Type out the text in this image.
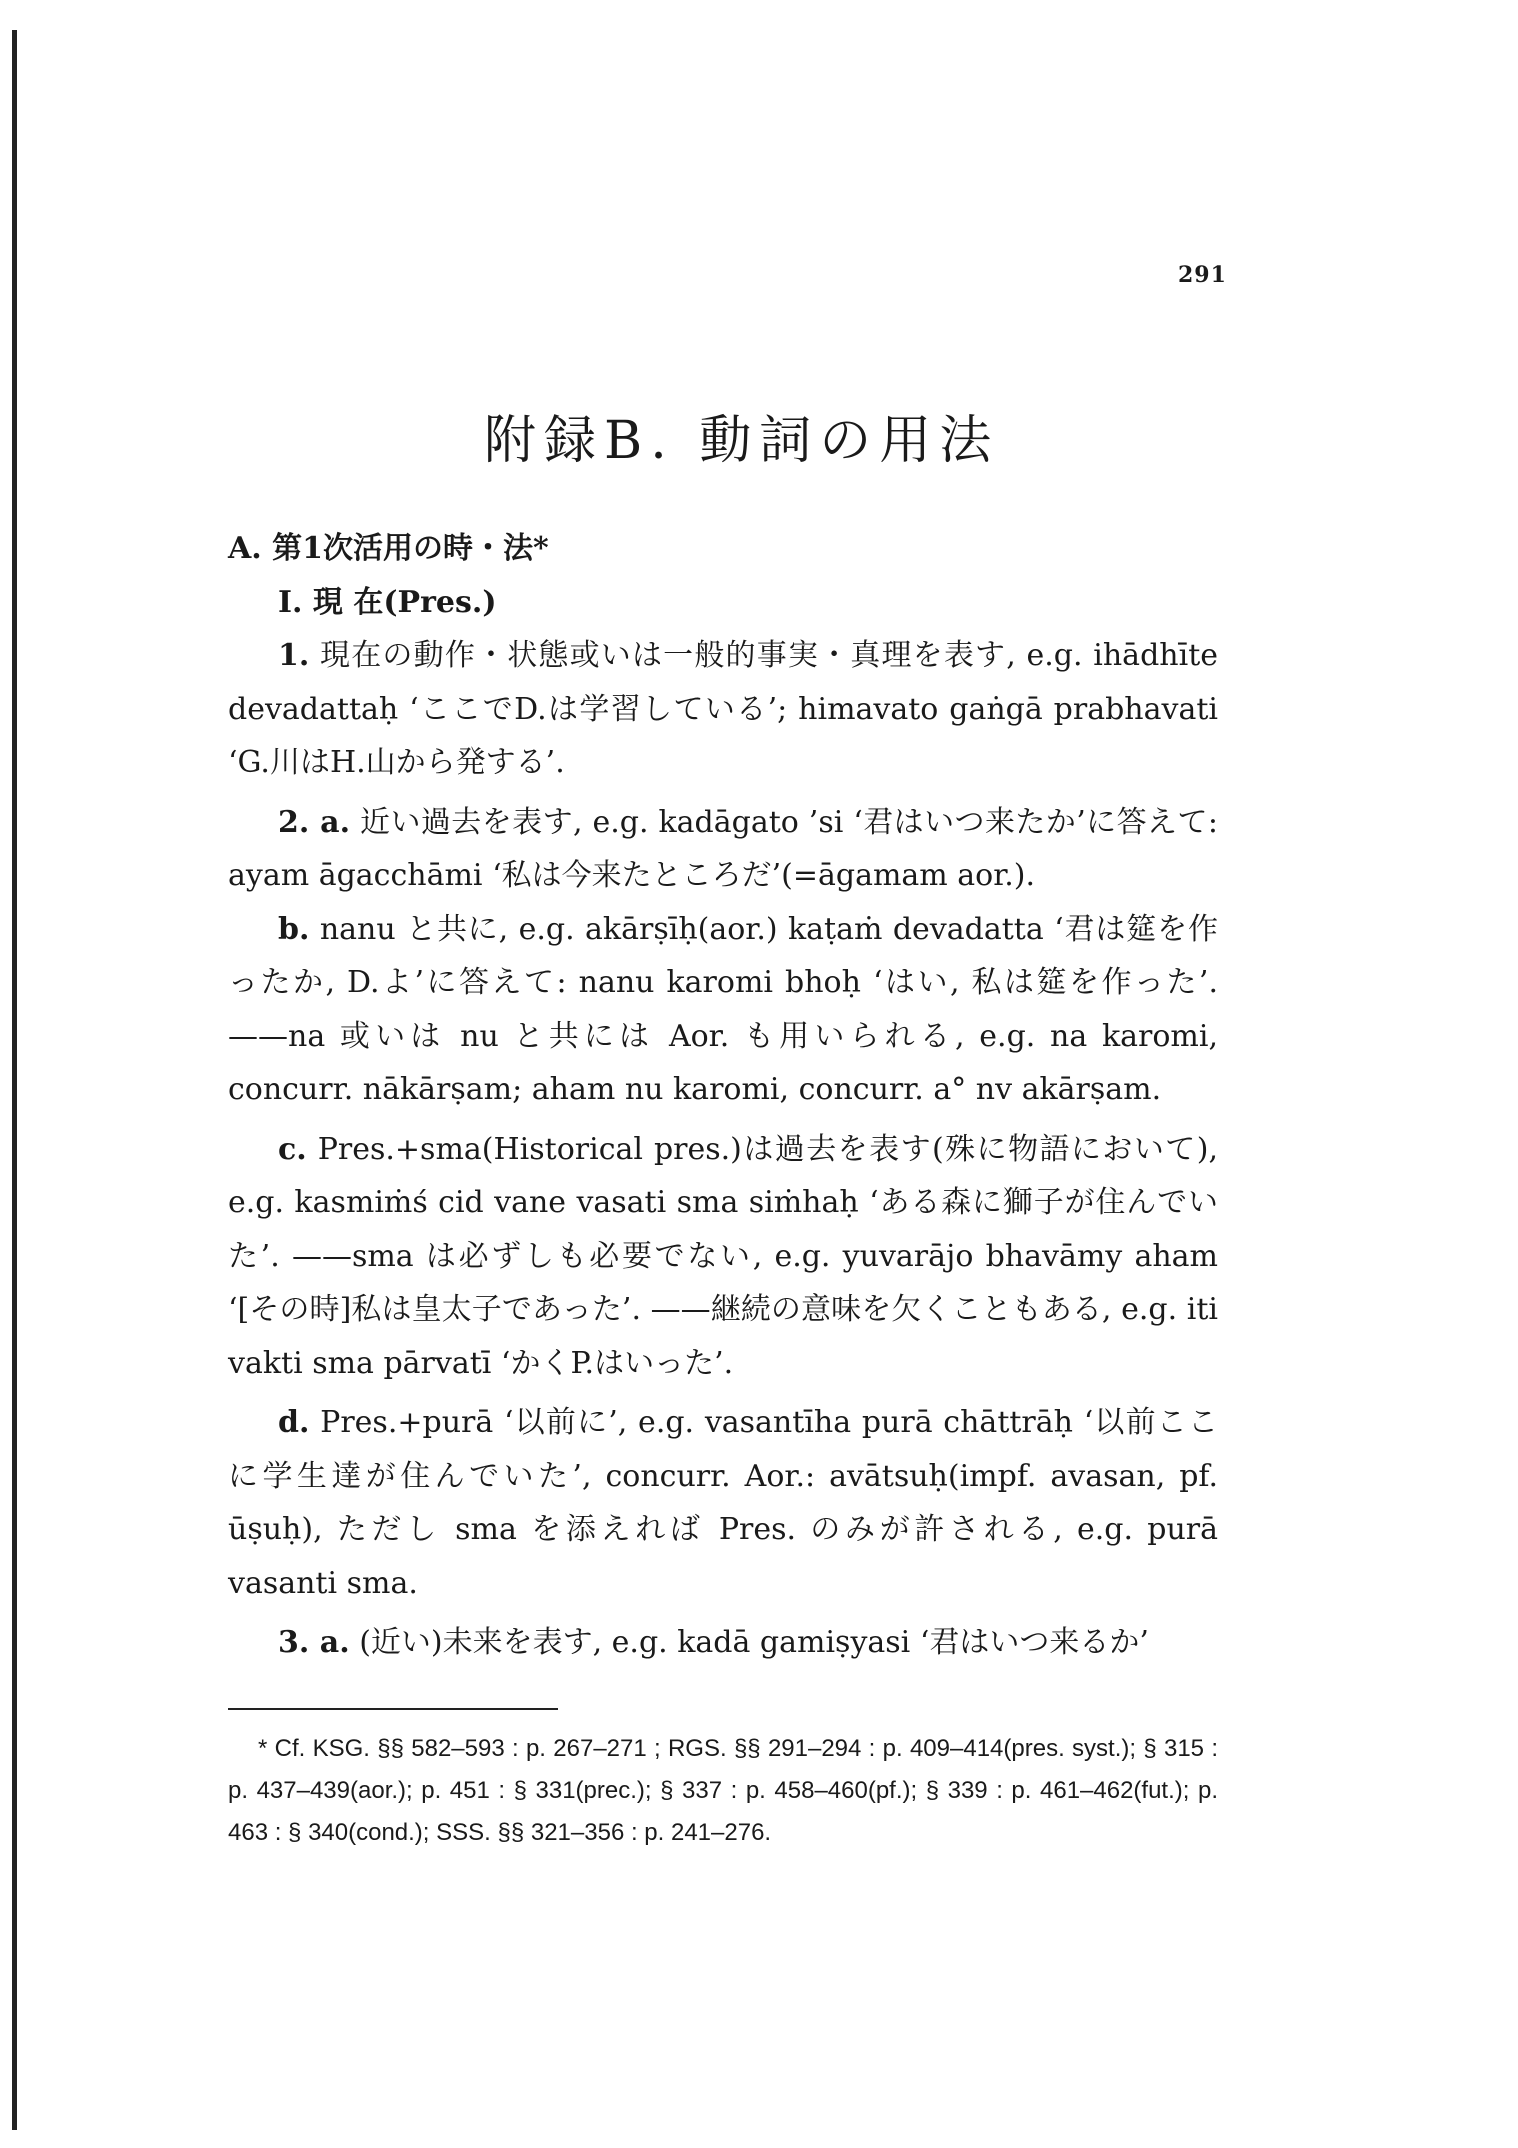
291
附録B. 動詞の用法

A. 第1次活用の時・法*

I. 現 在(Pres.)

1. 現在の動作・状態或いは一般的事実・真理を表す, e.g. ihādhīte devadattaḥ ‘ここでD.は学習している’; himavato gaṅgā prabhavati ‘G.川はH.山から発する’.

2. a. 近い過去を表す, e.g. kadāgato ’si ‘君はいつ来たか’に答えて: ayam āgacchāmi ‘私は今来たところだ’(=āgamam aor.).

b. nanu と共に, e.g. akārṣīḥ(aor.) kaṭaṁ devadatta ‘君は筵を作ったか, D.よ’に答えて: nanu karomi bhoḥ ‘はい, 私は筵を作った’. ——na 或いは nu と共には Aor. も用いられる, e.g. na karomi, concurr. nākārṣam; aham nu karomi, concurr. a° nv akārṣam.

c. Pres.+sma(Historical pres.)は過去を表す(殊に物語において), e.g. kasmiṁś cid vane vasati sma siṁhaḥ ‘ある森に獅子が住んでいた’. ——sma は必ずしも必要でない, e.g. yuvarājo bhavāmy aham ‘[その時]私は皇太子であった’. ——継続の意味を欠くこともある, e.g. iti vakti sma pārvatī ‘かくP.はいった’.

d. Pres.+purā ‘以前に’, e.g. vasantīha purā chāttrāḥ ‘以前ここに学生達が住んでいた’, concurr. Aor.: avātsuḥ(impf. avasan, pf. ūṣuḥ), ただし sma を添えれば Pres. のみが許される, e.g. purā vasanti sma.

3. a. (近い)未来を表す, e.g. kadā gamiṣyasi ‘君はいつ来るか’

* Cf. KSG. §§ 582–593 : p. 267–271 ; RGS. §§ 291–294 : p. 409–414(pres. syst.); § 315 : p. 437–439(aor.); p. 451 : § 331(prec.); § 337 : p. 458–460(pf.); § 339 : p. 461–462(fut.); p. 463 : § 340(cond.); SSS. §§ 321–356 : p. 241–276.
